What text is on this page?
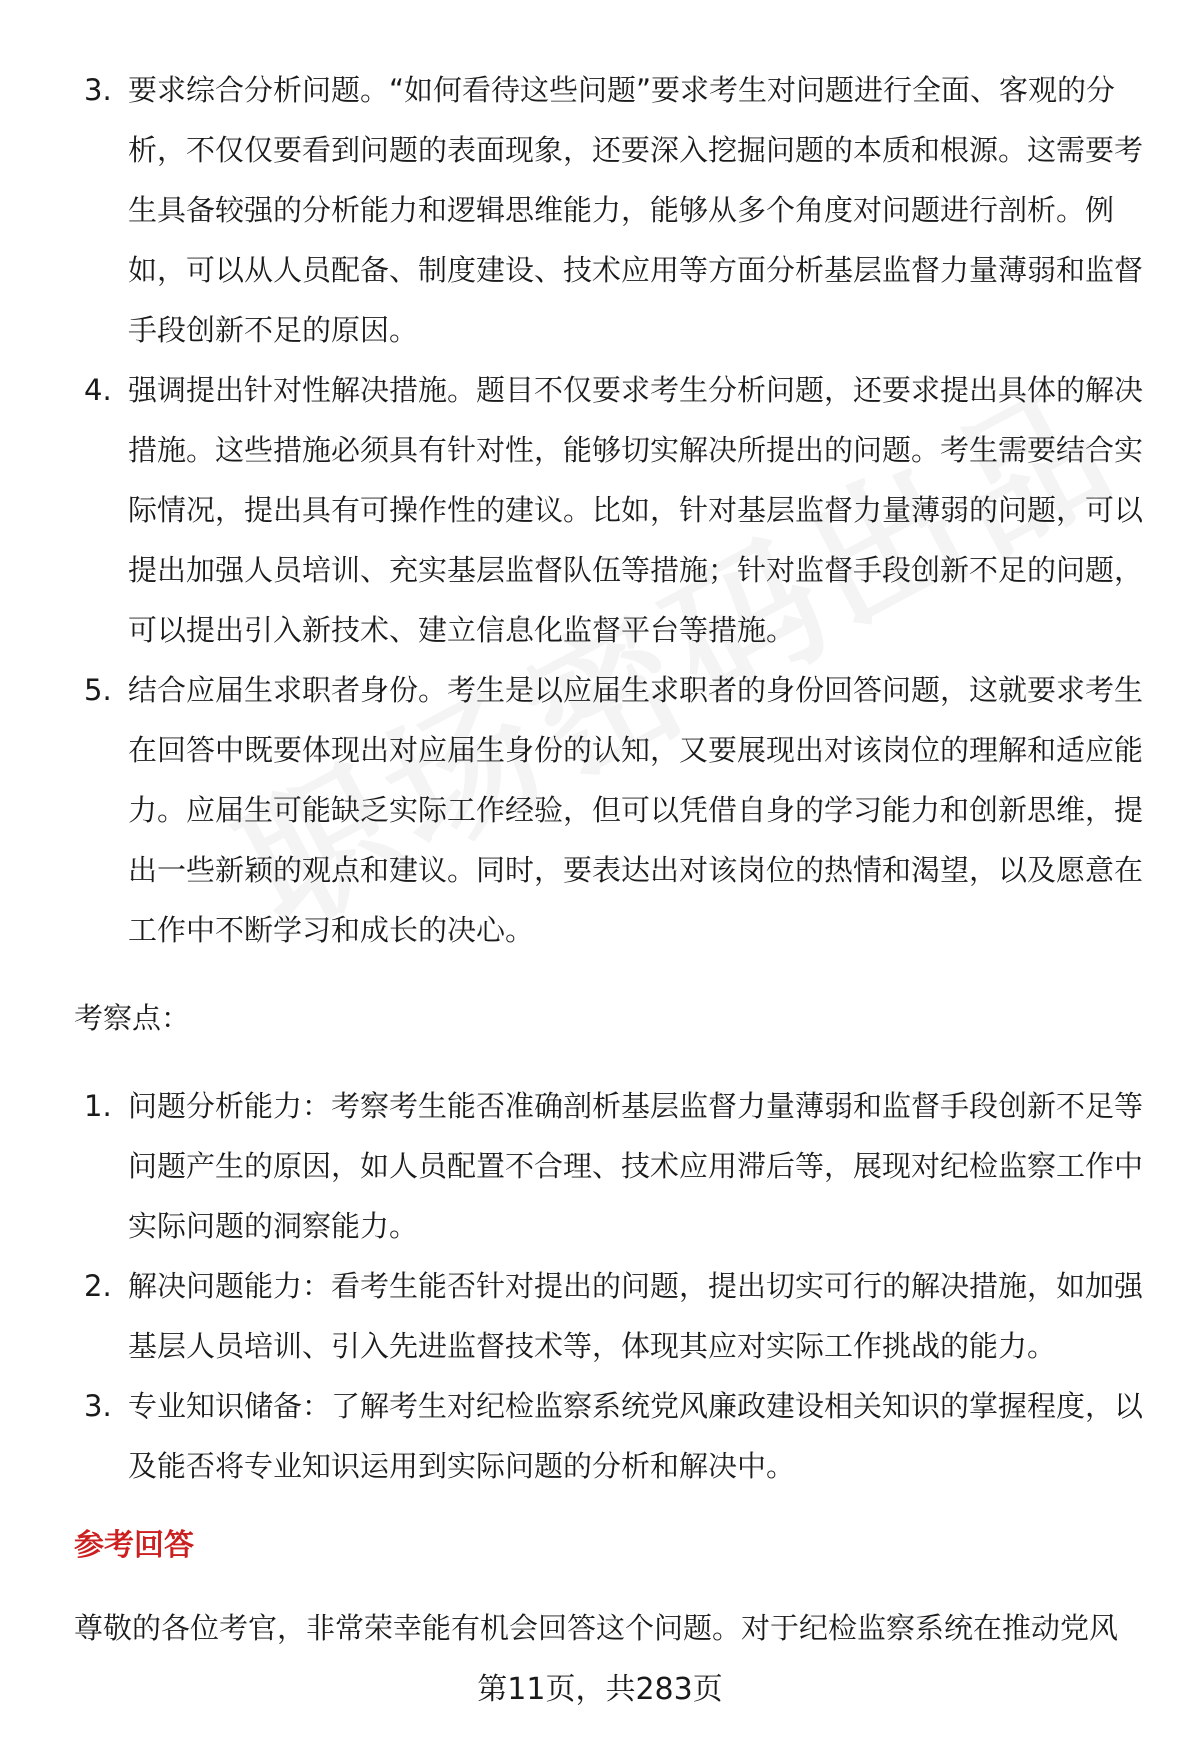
3. 要求综合分析问题。“如何看待这些问题”要求考生对问题进行全面、客观的分析，不仅仅要看到问题的表面现象，还要深入挖掘问题的本质和根源。这需要考生具备较强的分析能力和逻辑思维能力，能够从多个角度对问题进行剖析。例如，可以从人员配备、制度建设、技术应用等方面分析基层监督力量薄弱和监督手段创新不足的原因。
4. 强调提出针对性解决措施。题目不仅要求考生分析问题，还要求提出具体的解决措施。这些措施必须具有针对性，能够切实解决所提出的问题。考生需要结合实际情况，提出具有可操作性的建议。比如，针对基层监督力量薄弱的问题，可以提出加强人员培训、充实基层监督队伍等措施；针对监督手段创新不足的问题，可以提出引入新技术、建立信息化监督平台等措施。
5. 结合应届生求职者身份。考生是以应届生求职者的身份回答问题，这就要求考生在回答中既要体现出对应届生身份的认知，又要展现出对该岗位的理解和适应能力。应届生可能缺乏实际工作经验，但可以凭借自身的学习能力和创新思维，提出一些新颖的观点和建议。同时，要表达出对该岗位的热情和渴望，以及愿意在工作中不断学习和成长的决心。
考察点：
1. 问题分析能力：考察考生能否准确剖析基层监督力量薄弱和监督手段创新不足等问题产生的原因，如人员配置不合理、技术应用滞后等，展现对纪检监察工作中实际问题的洞察能力。
2. 解决问题能力：看考生能否针对提出的问题，提出切实可行的解决措施，如加强基层人员培训、引入先进监督技术等，体现其应对实际工作挑战的能力。
3. 专业知识储备：了解考生对纪检监察系统党风廉政建设相关知识的掌握程度，以及能否将专业知识运用到实际问题的分析和解决中。
参考回答
尊敬的各位考官，非常荣幸能有机会回答这个问题。对于纪检监察系统在推动党风
第11页，共283页
